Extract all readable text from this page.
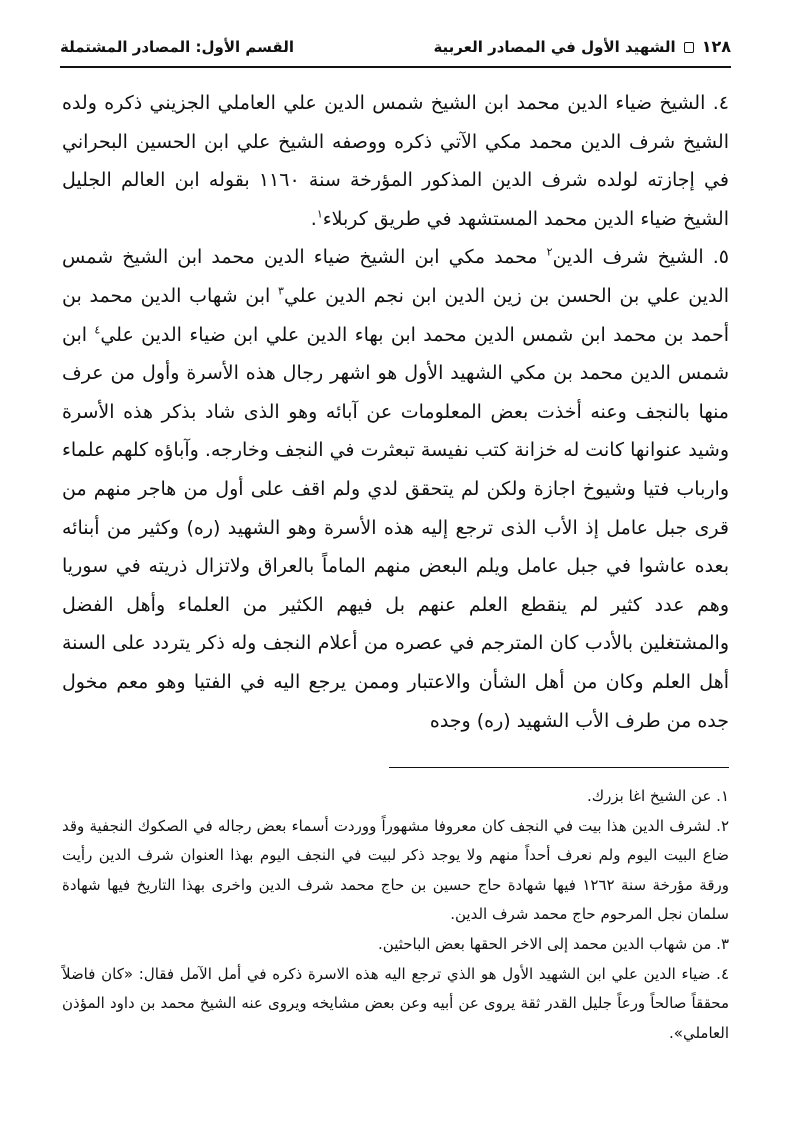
١٢٨
الشهيد الأول في المصادر العربية
القسم الأول: المصادر المشتملة

٤. الشيخ ضياء الدين محمد ابن الشيخ شمس الدين علي العاملي الجزيني ذكره ولده الشيخ شرف الدين محمد مكي الآتي ذكره ووصفه الشيخ علي ابن الحسين البحراني في إجازته لولده شرف الدين المذكور المؤرخة سنة ١١٦٠ بقوله ابن العالم الجليل الشيخ ضياء الدين محمد المستشهد في طريق كربلاء$^١$.

٥. الشيخ شرف الدين$^٢$ محمد مكي ابن الشيخ ضياء الدين محمد ابن الشيخ شمس الدين علي بن الحسن بن زين الدين ابن نجم الدين علي$^٣$ ابن شهاب الدين محمد بن أحمد بن محمد ابن شمس الدين محمد ابن بهاء الدين علي ابن ضياء الدين علي$^٤$ ابن شمس الدين محمد بن مكي الشهيد الأول هو اشهر رجال هذه الأسرة وأول من عرف منها بالنجف وعنه أخذت بعض المعلومات عن آبائه وهو الذى شاد بذكر هذه الأسرة وشيد عنوانها كانت له خزانة كتب نفيسة تبعثرت في النجف وخارجه. وآباؤه كلهم علماء وارباب فتيا وشيوخ اجازة ولكن لم يتحقق لدي ولم اقف على أول من هاجر منهم من قرى جبل عامل إذ الأب الذى ترجع إليه هذه الأسرة وهو الشهيد (ره) وكثير من أبنائه بعده عاشوا في جبل عامل ويلم البعض منهم الماماً بالعراق ولاتزال ذريته في سوريا وهم عدد كثير لم ينقطع العلم عنهم بل فيهم الكثير من العلماء وأهل الفضل والمشتغلين بالأدب كان المترجم في عصره من أعلام النجف وله ذكر يتردد على السنة أهل العلم وكان من أهل الشأن والاعتبار وممن يرجع اليه في الفتيا وهو معم مخول جده من طرف الأب الشهيد (ره) وجده

١. عن الشيخ اغا بزرك.

٢. لشرف الدين هذا بيت في النجف كان معروفا مشهوراً ووردت أسماء بعض رجاله في الصكوك النجفية وقد ضاع البيت اليوم ولم نعرف أحداً منهم ولا يوجد ذكر لبيت في النجف اليوم بهذا العنوان شرف الدين رأيت ورقة مؤرخة سنة ١٢٦٢ فيها شهادة حاج حسين بن حاج محمد شرف الدين واخرى بهذا التاريخ فيها شهادة سلمان نجل المرحوم حاج محمد شرف الدين.

٣. من شهاب الدين محمد إلى الاخر الحقها بعض الباحثين.

٤. ضياء الدين علي ابن الشهيد الأول هو الذي ترجع اليه هذه الاسرة ذكره في أمل الآمل فقال: «كان فاضلاً محققاً صالحاً ورعاً جليل القدر ثقة يروى عن أبيه وعن بعض مشايخه ويروى عنه الشيخ محمد بن داود المؤذن العاملي».
